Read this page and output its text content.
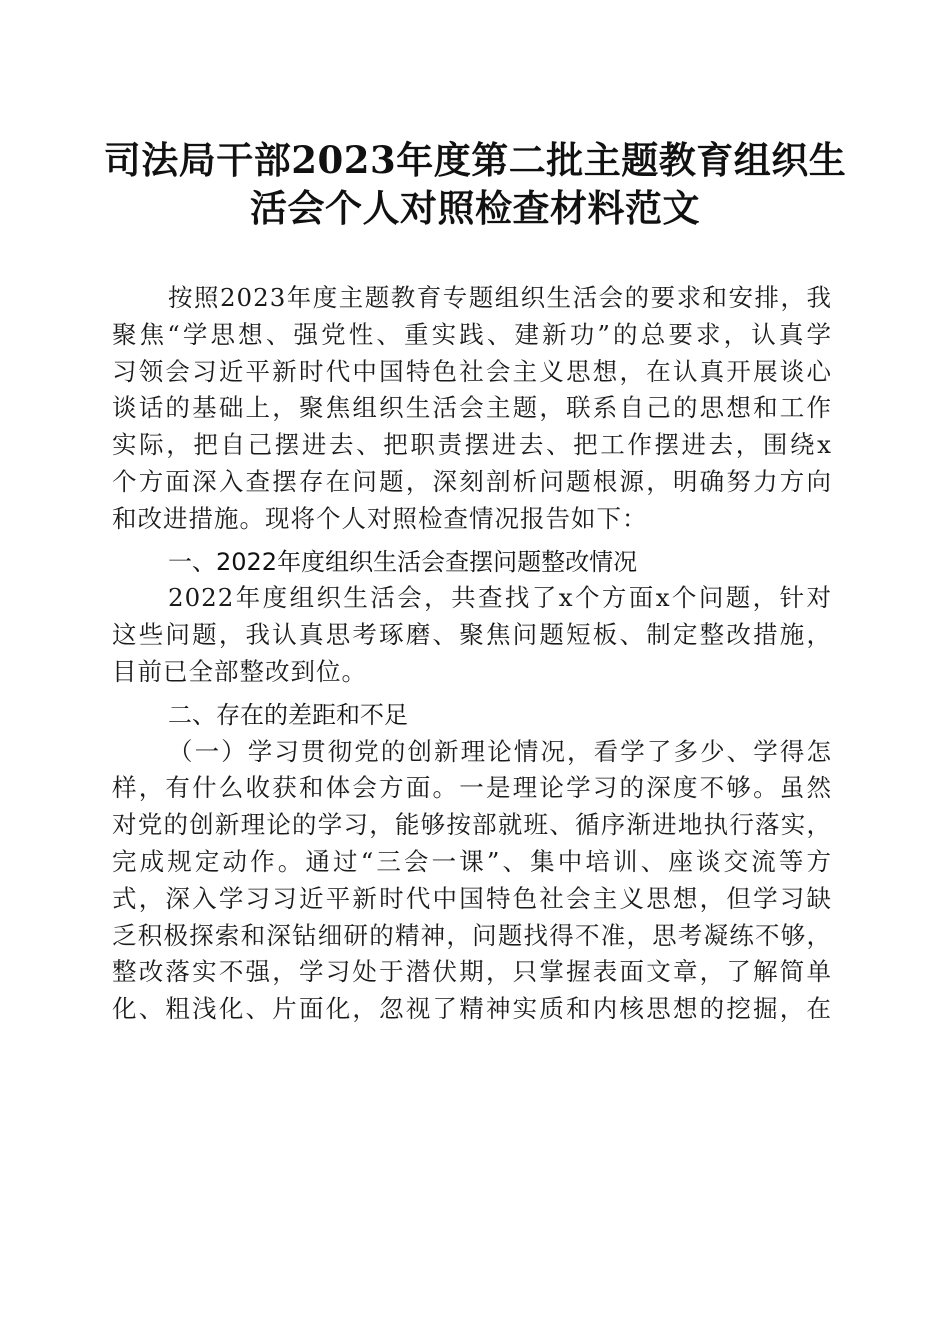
司法局干部2023年度第二批主题教育组织生
活会个人对照检查材料范文
按照2023年度主题教育专题组织生活会的要求和安排，我
聚焦“学思想、强党性、重实践、建新功”的总要求，认真学
习领会习近平新时代中国特色社会主义思想，在认真开展谈心
谈话的基础上，聚焦组织生活会主题，联系自己的思想和工作
实际，把自己摆进去、把职责摆进去、把工作摆进去，围绕x
个方面深入查摆存在问题，深刻剖析问题根源，明确努力方向
和改进措施。现将个人对照检查情况报告如下：
一、2022年度组织生活会查摆问题整改情况
2022年度组织生活会，共查找了x个方面x个问题，针对
这些问题，我认真思考琢磨、聚焦问题短板、制定整改措施，
目前已全部整改到位。
二、存在的差距和不足
（一）学习贯彻党的创新理论情况，看学了多少、学得怎
样，有什么收获和体会方面。一是理论学习的深度不够。虽然
对党的创新理论的学习，能够按部就班、循序渐进地执行落实，
完成规定动作。通过“三会一课”、集中培训、座谈交流等方
式，深入学习习近平新时代中国特色社会主义思想，但学习缺
乏积极探索和深钻细研的精神，问题找得不准，思考凝练不够，
整改落实不强，学习处于潜伏期，只掌握表面文章，了解简单
化、粗浅化、片面化，忽视了精神实质和内核思想的挖掘，在
